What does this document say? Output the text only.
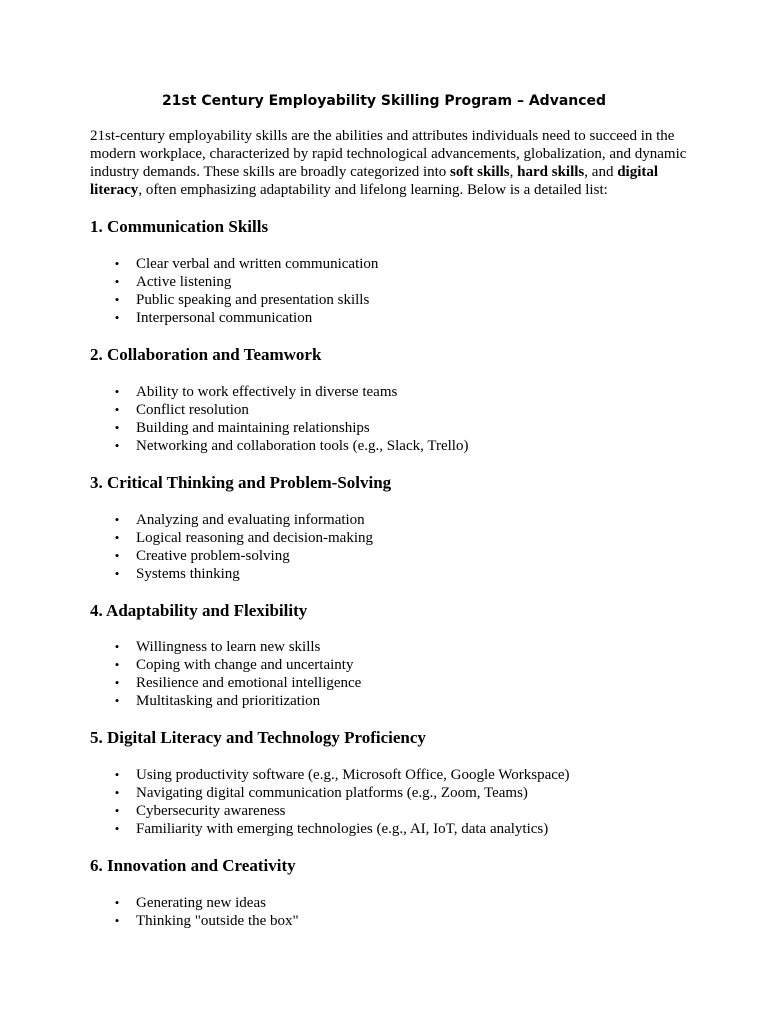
21st Century Employability Skilling Program – Advanced

21st-century employability skills are the abilities and attributes individuals need to succeed in the modern workplace, characterized by rapid technological advancements, globalization, and dynamic industry demands. These skills are broadly categorized into soft skills, hard skills, and digital literacy, often emphasizing adaptability and lifelong learning. Below is a detailed list:

1. Communication Skills
• Clear verbal and written communication
• Active listening
• Public speaking and presentation skills
• Interpersonal communication
2. Collaboration and Teamwork
• Ability to work effectively in diverse teams
• Conflict resolution
• Building and maintaining relationships
• Networking and collaboration tools (e.g., Slack, Trello)
3. Critical Thinking and Problem-Solving
• Analyzing and evaluating information
• Logical reasoning and decision-making
• Creative problem-solving
• Systems thinking
4. Adaptability and Flexibility
• Willingness to learn new skills
• Coping with change and uncertainty
• Resilience and emotional intelligence
• Multitasking and prioritization
5. Digital Literacy and Technology Proficiency
• Using productivity software (e.g., Microsoft Office, Google Workspace)
• Navigating digital communication platforms (e.g., Zoom, Teams)
• Cybersecurity awareness
• Familiarity with emerging technologies (e.g., AI, IoT, data analytics)
6. Innovation and Creativity
• Generating new ideas
• Thinking "outside the box"
